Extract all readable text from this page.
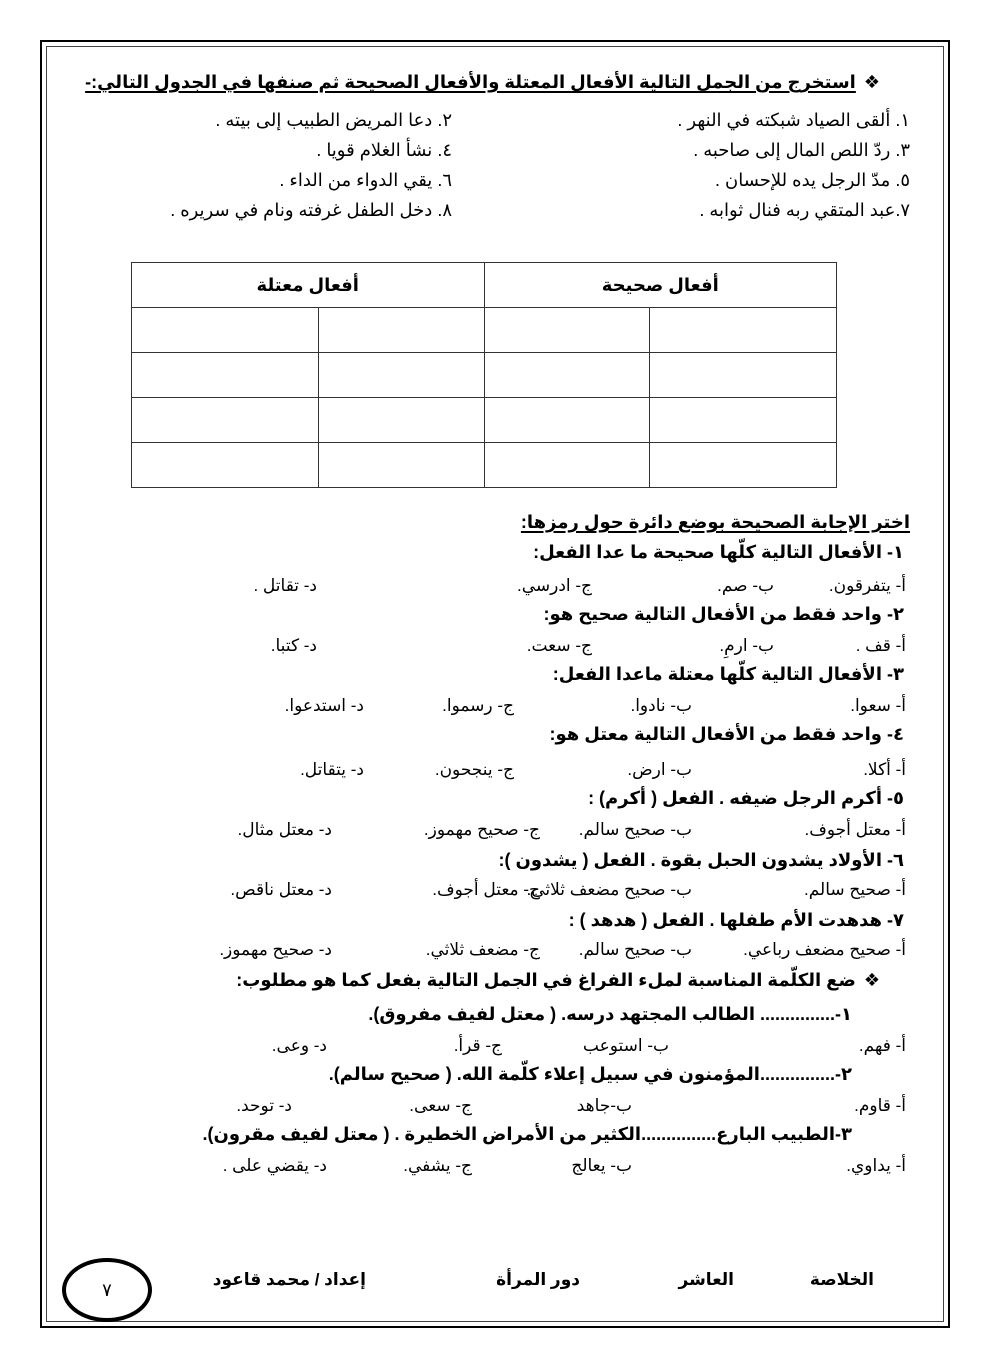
❖استخرج من الجمل التالية الأفعال المعتلة والأفعال الصحيحة ثم صنفها في الجدول التالي:-
١. ألقى الصياد شبكته في النهر .
٢. دعا المريض الطبيب إلى بيته .
٣. ردّ اللص المال إلى صاحبه .
٤. نشأ الغلام قويا .
٥. مدّ الرجل يده للإحسان .
٦. يقي الدواء من الداء .
٧.عبد المتقي ربه فنال ثوابه .
٨. دخل الطفل غرفته ونام في سريره .
أفعال صحيحة		أفعال معتلة	

اختر الإجابة الصحيحة بوضع دائرة حول رمزها:
١- الأفعال التالية كلّها صحيحة ما عدا الفعل:
أ- يتفرقون.
ب- صم.
ج- ادرسي.
د- تقاتل .
٢- واحد فقط من الأفعال التالية صحيح هو:
أ- قف .
ب- ارمِ.
ج- سعت.
د- كتبا.
٣- الأفعال التالية كلّها معتلة ماعدا الفعل:
أ- سعوا.
ب- نادوا.
ج- رسموا.
د- استدعوا.
٤- واحد فقط من الأفعال التالية معتل هو:
أ- أكلا.
ب- ارض.
ج- ينجحون.
د- يتقاتل.
٥- أكرم الرجل ضيفه . الفعل ( أكرم) :
أ- معتل أجوف.
ب- صحيح سالم.
ج- صحيح مهموز.
د- معتل مثال.
٦- الأولاد يشدون الحبل بقوة . الفعل ( يشدون ):
أ- صحيح سالم.
ب- صحيح مضعف ثلاثي.
ج- معتل أجوف.
د- معتل ناقص.
٧- هدهدت الأم طفلها . الفعل ( هدهد ) :
أ- صحيح مضعف رباعي.
ب- صحيح سالم.
ج- مضعف ثلاثي.
د- صحيح مهموز.
❖ضع الكلّمة المناسبة لملء الفراغ في الجمل التالية بفعل كما هو مطلوب:
١-............... الطالب المجتهد درسه. ( معتل لفيف مفروق).
أ- فهم.
ب- استوعب
ج- قرأ.
د- وعى.
٢-...............المؤمنون في سبيل إعلاء كلّمة الله. ( صحيح سالم).
أ- قاوم.
ب-جاهد
ج- سعى.
د- توحد.
٣-الطبيب البارع...............الكثير من الأمراض الخطيرة . ( معتل لفيف مقرون).
أ- يداوي.
ب- يعالج
ج- يشفي.
د- يقضي على .
الخلاصة
العاشر
دور المرأة
إعداد / محمد قاعود
٧
